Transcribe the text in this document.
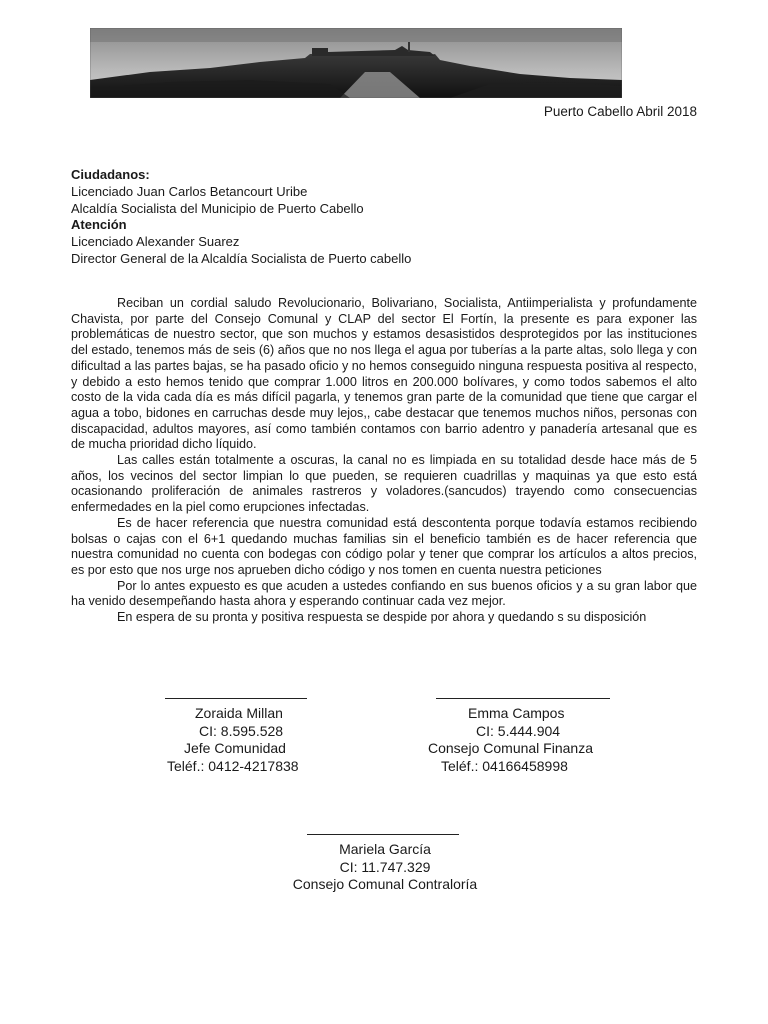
Puerto Cabello Abril 2018
Ciudadanos:
Licenciado Juan Carlos Betancourt Uribe
Alcaldía Socialista del Municipio de Puerto Cabello
Atención
Licenciado Alexander Suarez
Director General de la Alcaldía Socialista de Puerto cabello

Reciban un cordial saludo Revolucionario, Bolivariano, Socialista, Antiimperialista y profundamente Chavista, por parte del Consejo Comunal y CLAP del sector El Fortín, la presente es para exponer las problemáticas de nuestro sector, que son muchos y estamos desasistidos desprotegidos por las instituciones del estado, tenemos más de seis (6) años que no nos llega el agua por tuberías a la parte altas, solo llega y con dificultad a las partes bajas, se ha pasado oficio y no hemos conseguido ninguna respuesta positiva al respecto, y debido a esto hemos tenido que comprar 1.000 litros en 200.000 bolívares, y como todos sabemos el alto costo de la vida cada día es más difícil pagarla, y tenemos gran parte de la comunidad que tiene que cargar el agua a tobo, bidones en carruchas desde muy lejos,, cabe destacar que tenemos muchos niños, personas con discapacidad, adultos mayores, así como también contamos con barrio adentro y panadería artesanal que es de mucha prioridad dicho líquido.

Las calles están totalmente a oscuras, la canal no es limpiada en su totalidad desde hace más de 5 años, los vecinos del sector limpian lo que pueden, se requieren cuadrillas y maquinas ya que esto está ocasionando proliferación de animales rastreros y voladores.(sancudos) trayendo como consecuencias enfermedades en la piel como erupciones infectadas.

Es de hacer referencia que nuestra comunidad está descontenta porque todavía estamos recibiendo bolsas o cajas con el 6+1 quedando muchas familias sin el beneficio también es de hacer referencia que nuestra comunidad no cuenta con bodegas con código polar y tener que comprar los artículos a altos precios, es por esto que nos urge nos aprueben dicho código y nos tomen en cuenta nuestra peticiones

Por lo antes expuesto es que acuden a ustedes confiando en sus buenos oficios y a su gran labor que ha venido desempeñando hasta ahora y esperando continuar cada vez mejor.

En espera de su pronta y positiva respuesta se despide por ahora y quedando s su disposición

Zoraida Millan
CI: 8.595.528
Jefe Comunidad
Teléf.: 0412-4217838
Emma Campos
CI: 5.444.904
Consejo Comunal Finanza
Teléf.: 04166458998
Mariela García
CI: 11.747.329
Consejo Comunal Contraloría
